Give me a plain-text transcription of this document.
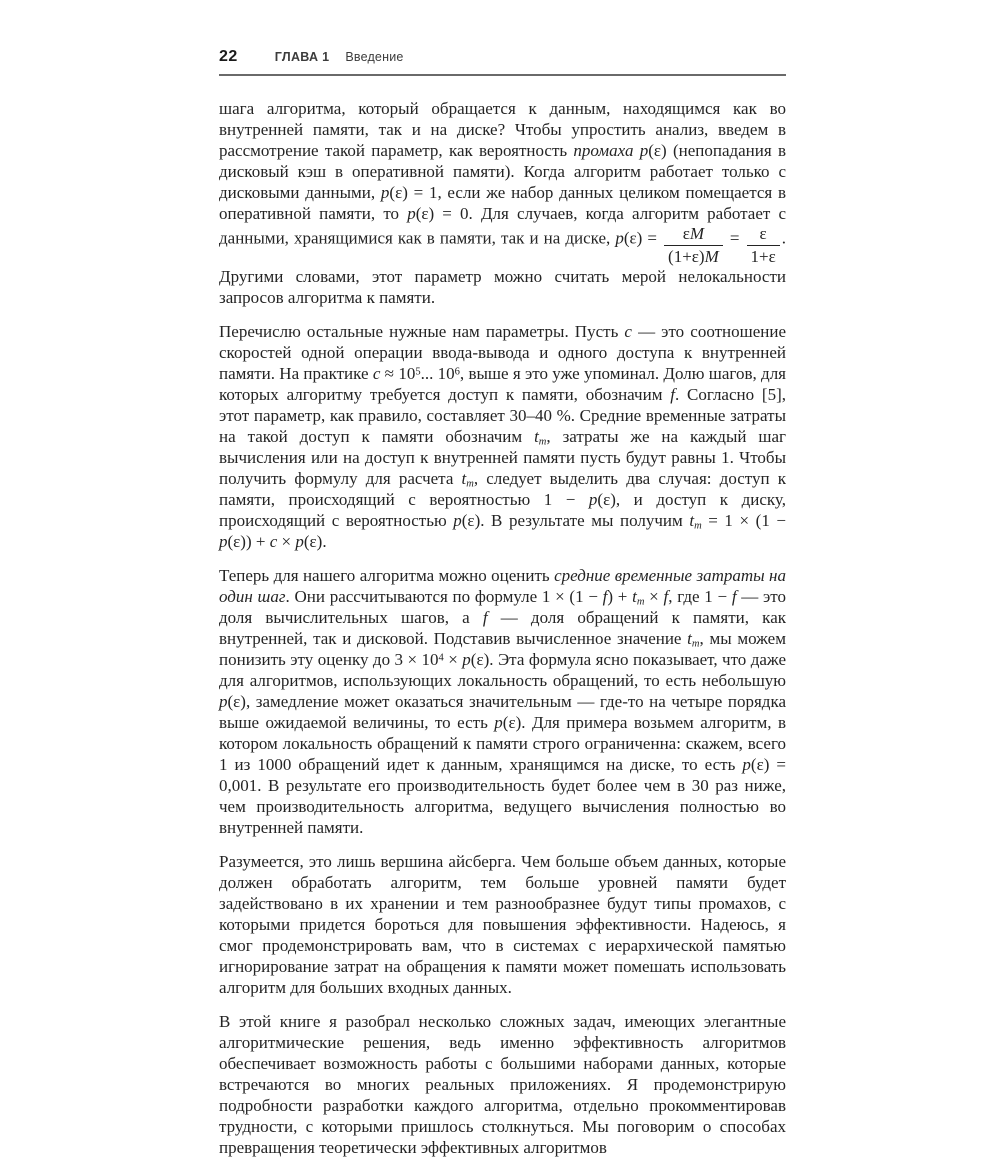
22	ГЛАВА 1 Введение

шага алгоритма, который обращается к данным, находящимся как во внутренней памяти, так и на диске? Чтобы упростить анализ, введем в рассмотрение такой параметр, как вероятность промаха p(ε) (непопадания в дисковый кэш в оперативной памяти). Когда алгоритм работает только с дисковыми данными, p(ε) = 1, если же набор данных целиком помещается в оперативной памяти, то p(ε) = 0. Для случаев, когда алгоритм работает с данными, хранящимися как в памяти, так и на диске, $p(\varepsilon) = \frac{\varepsilon M}{(1+\varepsilon)M} = \frac{\varepsilon}{1+\varepsilon}$ . Другими словами, этот параметр можно считать мерой нелокальности запросов алгоритма к памяти.

Перечислю остальные нужные нам параметры. Пусть c — это соотношение скоростей одной операции ввода-вывода и одного доступа к внутренней памяти. На практике $c \approx 10^5$... $10^6$, выше я это уже упоминал. Долю шагов, для которых алгоритму требуется доступ к памяти, обозначим f. Согласно [5], этот параметр, как правило, составляет 30–40 %. Средние временные затраты на такой доступ к памяти обозначим $t_m$, затраты же на каждый шаг вычисления или на доступ к внутренней памяти пусть будут равны 1. Чтобы получить формулу для расчета $t_m$, следует выделить два случая: доступ к памяти, происходящий с вероятностью 1 − p(ε), и доступ к диску, происходящий с вероятностью p(ε). В результате мы получим $t_m = 1 \times (1 - p(\varepsilon)) + c \times p(\varepsilon)$.

Теперь для нашего алгоритма можно оценить средние временные затраты на один шаг. Они рассчитываются по формуле $1 \times (1 - f) + t_m \times f$, где 1 − f — это доля вычислительных шагов, а f — доля обращений к памяти, как внутренней, так и дисковой. Подставив вычисленное значение $t_m$, мы можем понизить эту оценку до $3 \times 10^4 \times p(\varepsilon)$. Эта формула ясно показывает, что даже для алгоритмов, использующих локальность обращений, то есть небольшую p(ε), замедление может оказаться значительным — где-то на четыре порядка выше ожидаемой величины, то есть p(ε). Для примера возьмем алгоритм, в котором локальность обращений к памяти строго ограниченна: скажем, всего 1 из 1000 обращений идет к данным, хранящимся на диске, то есть p(ε) = 0,001. В результате его производительность будет более чем в 30 раз ниже, чем производительность алгоритма, ведущего вычисления полностью во внутренней памяти.

Разумеется, это лишь вершина айсберга. Чем больше объем данных, которые должен обработать алгоритм, тем больше уровней памяти будет задействовано в их хранении и тем разнообразнее будут типы промахов, с которыми придется бороться для повышения эффективности. Надеюсь, я смог продемонстрировать вам, что в системах с иерархической памятью игнорирование затрат на обращения к памяти может помешать использовать алгоритм для больших входных данных.

В этой книге я разобрал несколько сложных задач, имеющих элегантные алгоритмические решения, ведь именно эффективность алгоритмов обеспечивает возможность работы с большими наборами данных, которые встречаются во многих реальных приложениях. Я продемонстрирую подробности разработки каждого алгоритма, отдельно прокомментировав трудности, с которыми пришлось столкнуться. Мы поговорим о способах превращения теоретически эффективных алгоритмов
